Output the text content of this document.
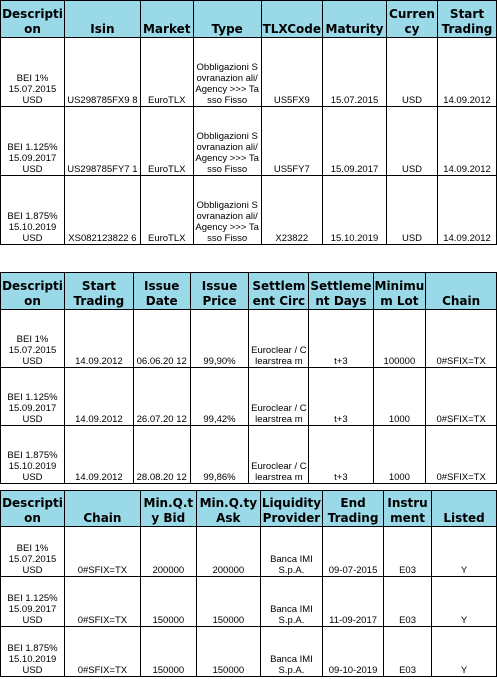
Descripti on	Isin	Market	Type	TLXCode	Maturity	Curren cy	Start Trading
BEI 1% 15.07.2015 USD	US298785FX9 8	EuroTLX	Obbligazioni Sovranazion ali/Agency >>> Tasso Fisso	US5FX9	15.07.2015	USD	14.09.2012
BEI 1.125% 15.09.2017 USD	US298785FY7 1	EuroTLX	Obbligazioni Sovranazion ali/Agency >>> Tasso Fisso	US5FY7	15.09.2017	USD	14.09.2012
BEI 1.875% 15.10.2019 USD	XS082123822 6	EuroTLX	Obbligazioni Sovranazion ali/Agency >>> Tasso Fisso	X23822	15.10.2019	USD	14.09.2012
Descripti on	Start Trading	Issue Date	Issue Price	Settlem ent Circ	Settleme nt Days	Minimu m Lot	Chain
BEI 1% 15.07.2015 USD	14.09.2012	06.06.20 12	99,90%	Euroclear / Clearstrea m	t+3	100000	0#SFIX=TX
BEI 1.125% 15.09.2017 USD	14.09.2012	26.07.20 12	99,42%	Euroclear / Clearstrea m	t+3	1000	0#SFIX=TX
BEI 1.875% 15.10.2019 USD	14.09.2012	28.08.20 12	99,86%	Euroclear / Clearstrea m	t+3	1000	0#SFIX=TX
Descripti on	Chain	Min.Q.t y Bid	Min.Q.ty Ask	Liquidity Provider	End Trading	Instru ment	Listed
BEI 1% 15.07.2015 USD	0#SFIX=TX	200000	200000	Banca IMI S.p.A.	09-07-2015	E03	Y
BEI 1.125% 15.09.2017 USD	0#SFIX=TX	150000	150000	Banca IMI S.p.A.	11-09-2017	E03	Y
BEI 1.875% 15.10.2019 USD	0#SFIX=TX	150000	150000	Banca IMI S.p.A.	09-10-2019	E03	Y
